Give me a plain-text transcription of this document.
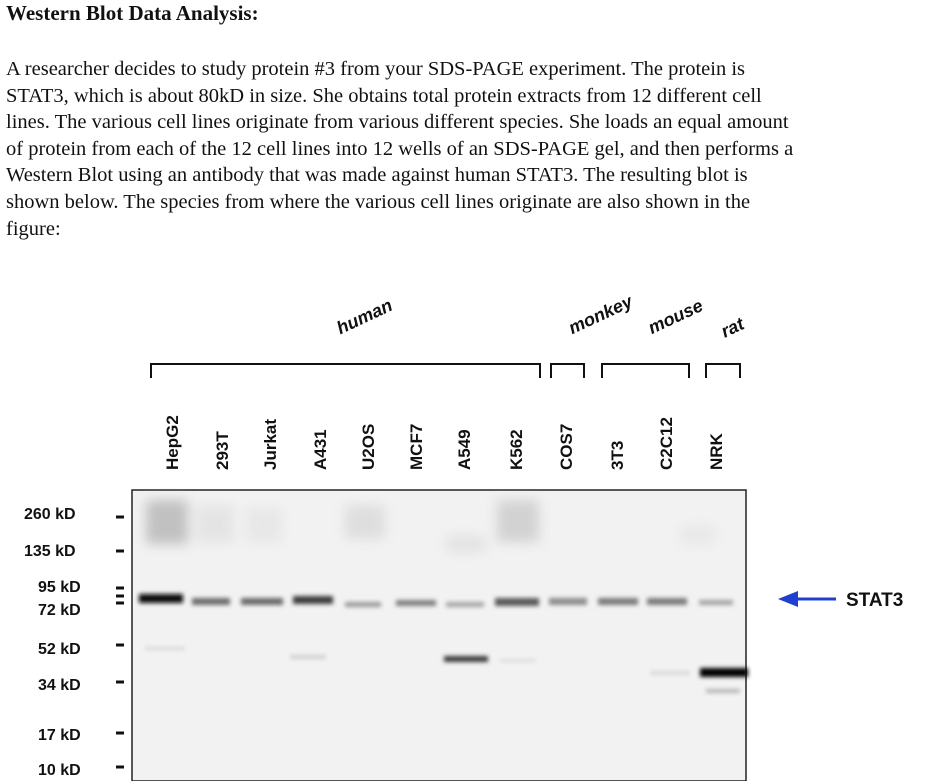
Western Blot Data Analysis:
A researcher decides to study protein #3 from your SDS-PAGE experiment. The protein is
STAT3, which is about 80kD in size. She obtains total protein extracts from 12 different cell
lines. The various cell lines originate from various different species. She loads an equal amount
of protein from each of the 12 cell lines into 12 wells of an SDS-PAGE gel, and then performs a
Western Blot using an antibody that was made against human STAT3. The resulting blot is
shown below. The species from where the various cell lines originate are also shown in the
figure:
human	monkey mouse rat
HepG2 293T Jurkat A431 U2OS MCF7 A549 K562 COS7 3T3 C2C12 NRK
260 kD
135 kD
95 kD
72 kD
52 kD
34 kD
17 kD
10 kD
STAT3
